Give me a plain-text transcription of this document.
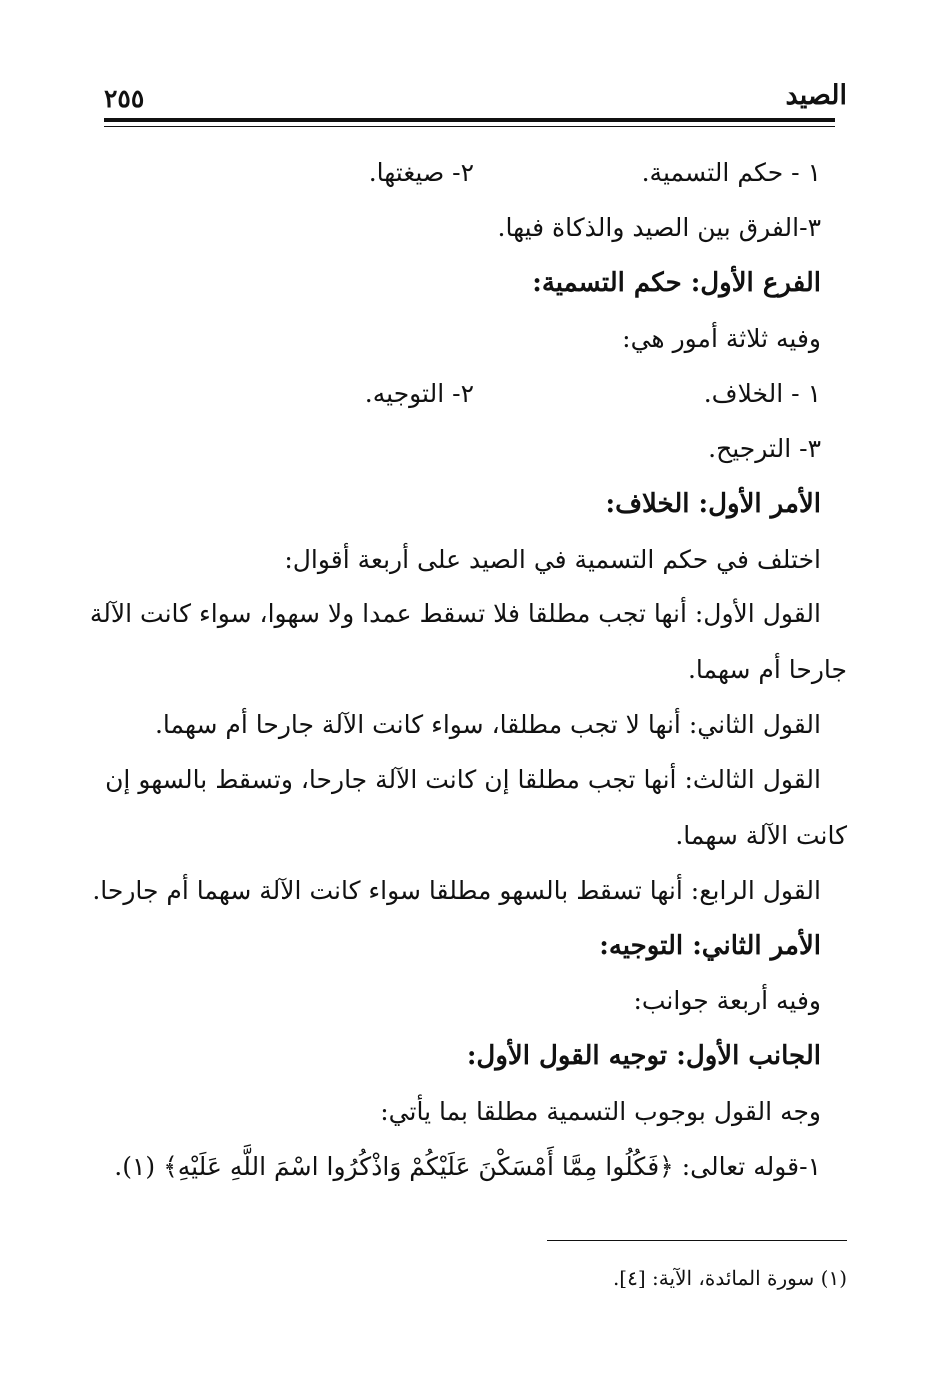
الصيد
٢٥٥
١ - حكم التسمية.
٢- صيغتها.
٣-الفرق بين الصيد والذكاة فيها.
الفرع الأول: حكم التسمية:
وفيه ثلاثة أمور هي:
١ - الخلاف.
٢- التوجيه.
٣- الترجيح.
الأمر الأول: الخلاف:
اختلف في حكم التسمية في الصيد على أربعة أقوال:
القول الأول: أنها تجب مطلقا فلا تسقط عمدا ولا سهوا، سواء كانت الآلة
جارحا أم سهما.
القول الثاني: أنها لا تجب مطلقا، سواء كانت الآلة جارحا أم سهما.
القول الثالث: أنها تجب مطلقا إن كانت الآلة جارحا، وتسقط بالسهو إن
كانت الآلة سهما.
القول الرابع: أنها تسقط بالسهو مطلقا سواء كانت الآلة سهما أم جارحا.
الأمر الثاني: التوجيه:
وفيه أربعة جوانب:
الجانب الأول: توجيه القول الأول:
وجه القول بوجوب التسمية مطلقا بما يأتي:
١-قوله تعالى: ﴿فَكُلُوا مِمَّا أَمْسَكْنَ عَلَيْكُمْ وَاذْكُرُوا اسْمَ اللَّهِ عَلَيْهِ﴾ (١).
(١) سورة المائدة، الآية: [٤].
